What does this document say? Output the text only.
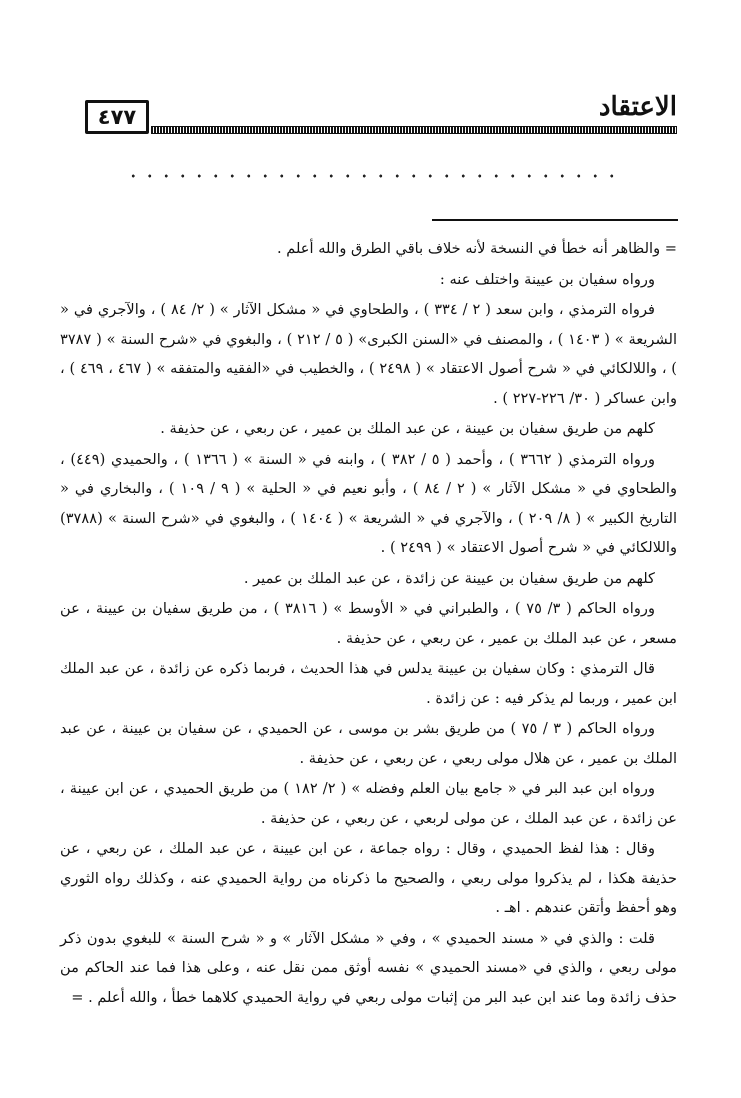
٤٧٧	الاعتقاد

= والظاهر أنه خطأ في النسخة لأنه خلاف باقي الطرق والله أعلم .

ورواه سفيان بن عيينة واختلف عنه :

فرواه الترمذي ، وابن سعد ( ٢ / ٣٣٤ ) ، والطحاوي في « مشكل الآثار » ( ٢/ ٨٤ ) ، والآجري في « الشريعة » ( ١٤٠٣ ) ، والمصنف في «السنن الكبرى» ( ٥ / ٢١٢ ) ، والبغوي في «شرح السنة » ( ٣٧٨٧ ) ، واللالكائي في « شرح أصول الاعتقاد » ( ٢٤٩٨ ) ، والخطيب في «الفقيه والمتفقه » ( ٤٦٧ ، ٤٦٩ ) ، وابن عساكر ( ٣٠/ ٢٢٦-٢٢٧ ) .

كلهم من طريق سفيان بن عيينة ، عن عبد الملك بن عمير ، عن ربعي ، عن حذيفة .

ورواه الترمذي ( ٣٦٦٢ ) ، وأحمد ( ٥ / ٣٨٢ ) ، وابنه في « السنة » ( ١٣٦٦ ) ، والحميدي (٤٤٩) ، والطحاوي في « مشكل الآثار » ( ٢ / ٨٤ ) ، وأبو نعيم في « الحلية » ( ٩ / ١٠٩ ) ، والبخاري في « التاريخ الكبير » ( ٨/ ٢٠٩ ) ، والآجري في « الشريعة » ( ١٤٠٤ ) ، والبغوي في «شرح السنة » (٣٧٨٨) واللالكائي في « شرح أصول الاعتقاد » ( ٢٤٩٩ ) .

كلهم من طريق سفيان بن عيينة عن زائدة ، عن عبد الملك بن عمير .

ورواه الحاكم ( ٣/ ٧٥ ) ، والطبراني في « الأوسط » ( ٣٨١٦ ) ، من طريق سفيان بن عيينة ، عن مسعر ، عن عبد الملك بن عمير ، عن ربعي ، عن حذيفة .

قال الترمذي : وكان سفيان بن عيينة يدلس في هذا الحديث ، فربما ذكره عن زائدة ، عن عبد الملك ابن عمير ، وربما لم يذكر فيه : عن زائدة .

ورواه الحاكم ( ٣ / ٧٥ ) من طريق بشر بن موسى ، عن الحميدي ، عن سفيان بن عيينة ، عن عبد الملك بن عمير ، عن هلال مولى ربعي ، عن ربعي ، عن حذيفة .

ورواه ابن عبد البر في « جامع بيان العلم وفضله » ( ٢/ ١٨٢ ) من طريق الحميدي ، عن ابن عيينة ، عن زائدة ، عن عبد الملك ، عن مولى لربعي ، عن ربعي ، عن حذيفة .

وقال : هذا لفظ الحميدي ، وقال : رواه جماعة ، عن ابن عيينة ، عن عبد الملك ، عن ربعي ، عن حذيفة هكذا ، لم يذكروا مولى ربعي ، والصحيح ما ذكرناه من رواية الحميدي عنه ، وكذلك رواه الثوري وهو أحفظ وأتقن عندهم . اهـ .

قلت : والذي في « مسند الحميدي » ، وفي « مشكل الآثار » و « شرح السنة » للبغوي بدون ذكر مولى ربعي ، والذي في «مسند الحميدي » نفسه أوثق ممن نقل عنه ، وعلى هذا فما عند الحاكم من حذف زائدة وما عند ابن عبد البر من إثبات مولى ربعي في رواية الحميدي كلاهما خطأ ، والله أعلم . =
